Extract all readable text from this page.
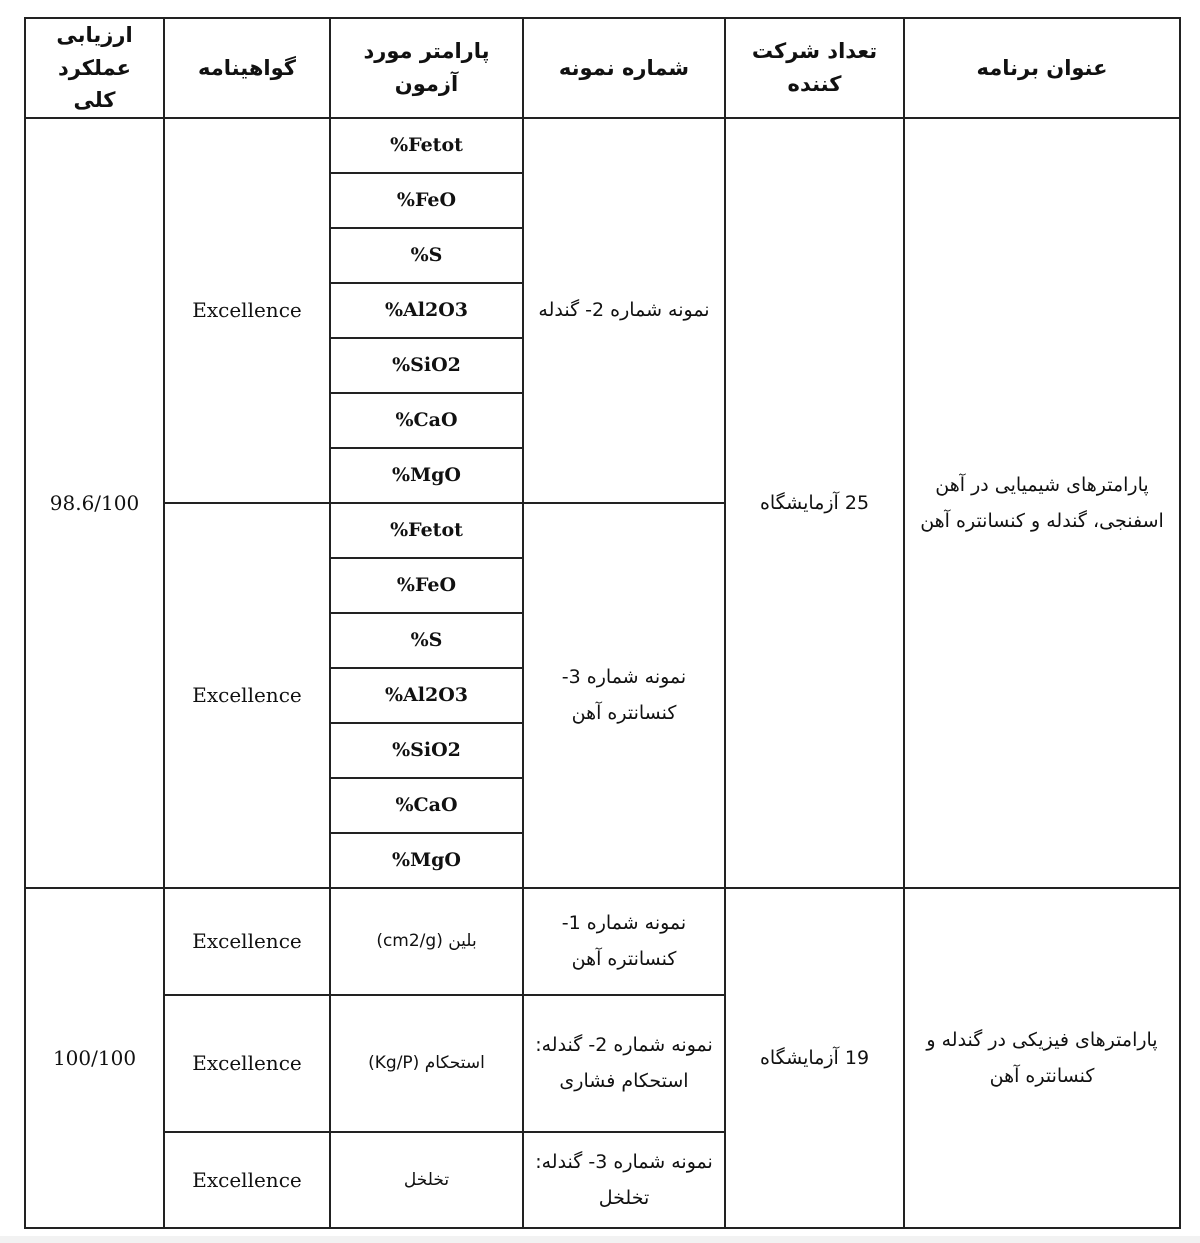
ارزیابی عملکرد کلی	گواهینامه	پارامتر مورد آزمون	شماره نمونه	تعداد شرکت کننده	عنوان برنامه
98.6/100	Excellence	%Fetot	نمونه شماره 2- گندله	25 آزمایشگاه	پارامترهای شیمیایی در آهن اسفنجی، گندله و کنسانتره آهن
		%FeO			
		%S			
		%Al2O3			
		%SiO2			
		%CaO			
		%MgO			
	Excellence	%Fetot	نمونه شماره 3- کنسانتره آهن		
		%FeO			
		%S			
		%Al2O3			
		%SiO2			
		%CaO			
		%MgO			
100/100	Excellence	بلین (cm2/g)	نمونه شماره 1- کنسانتره آهن	19 آزمایشگاه	پارامترهای فیزیکی در گندله و کنسانتره آهن
	Excellence	استحکام (Kg/P)	نمونه شماره 2- گندله: استحکام فشاری		
	Excellence	تخلخل	نمونه شماره 3- گندله: تخلخل		
